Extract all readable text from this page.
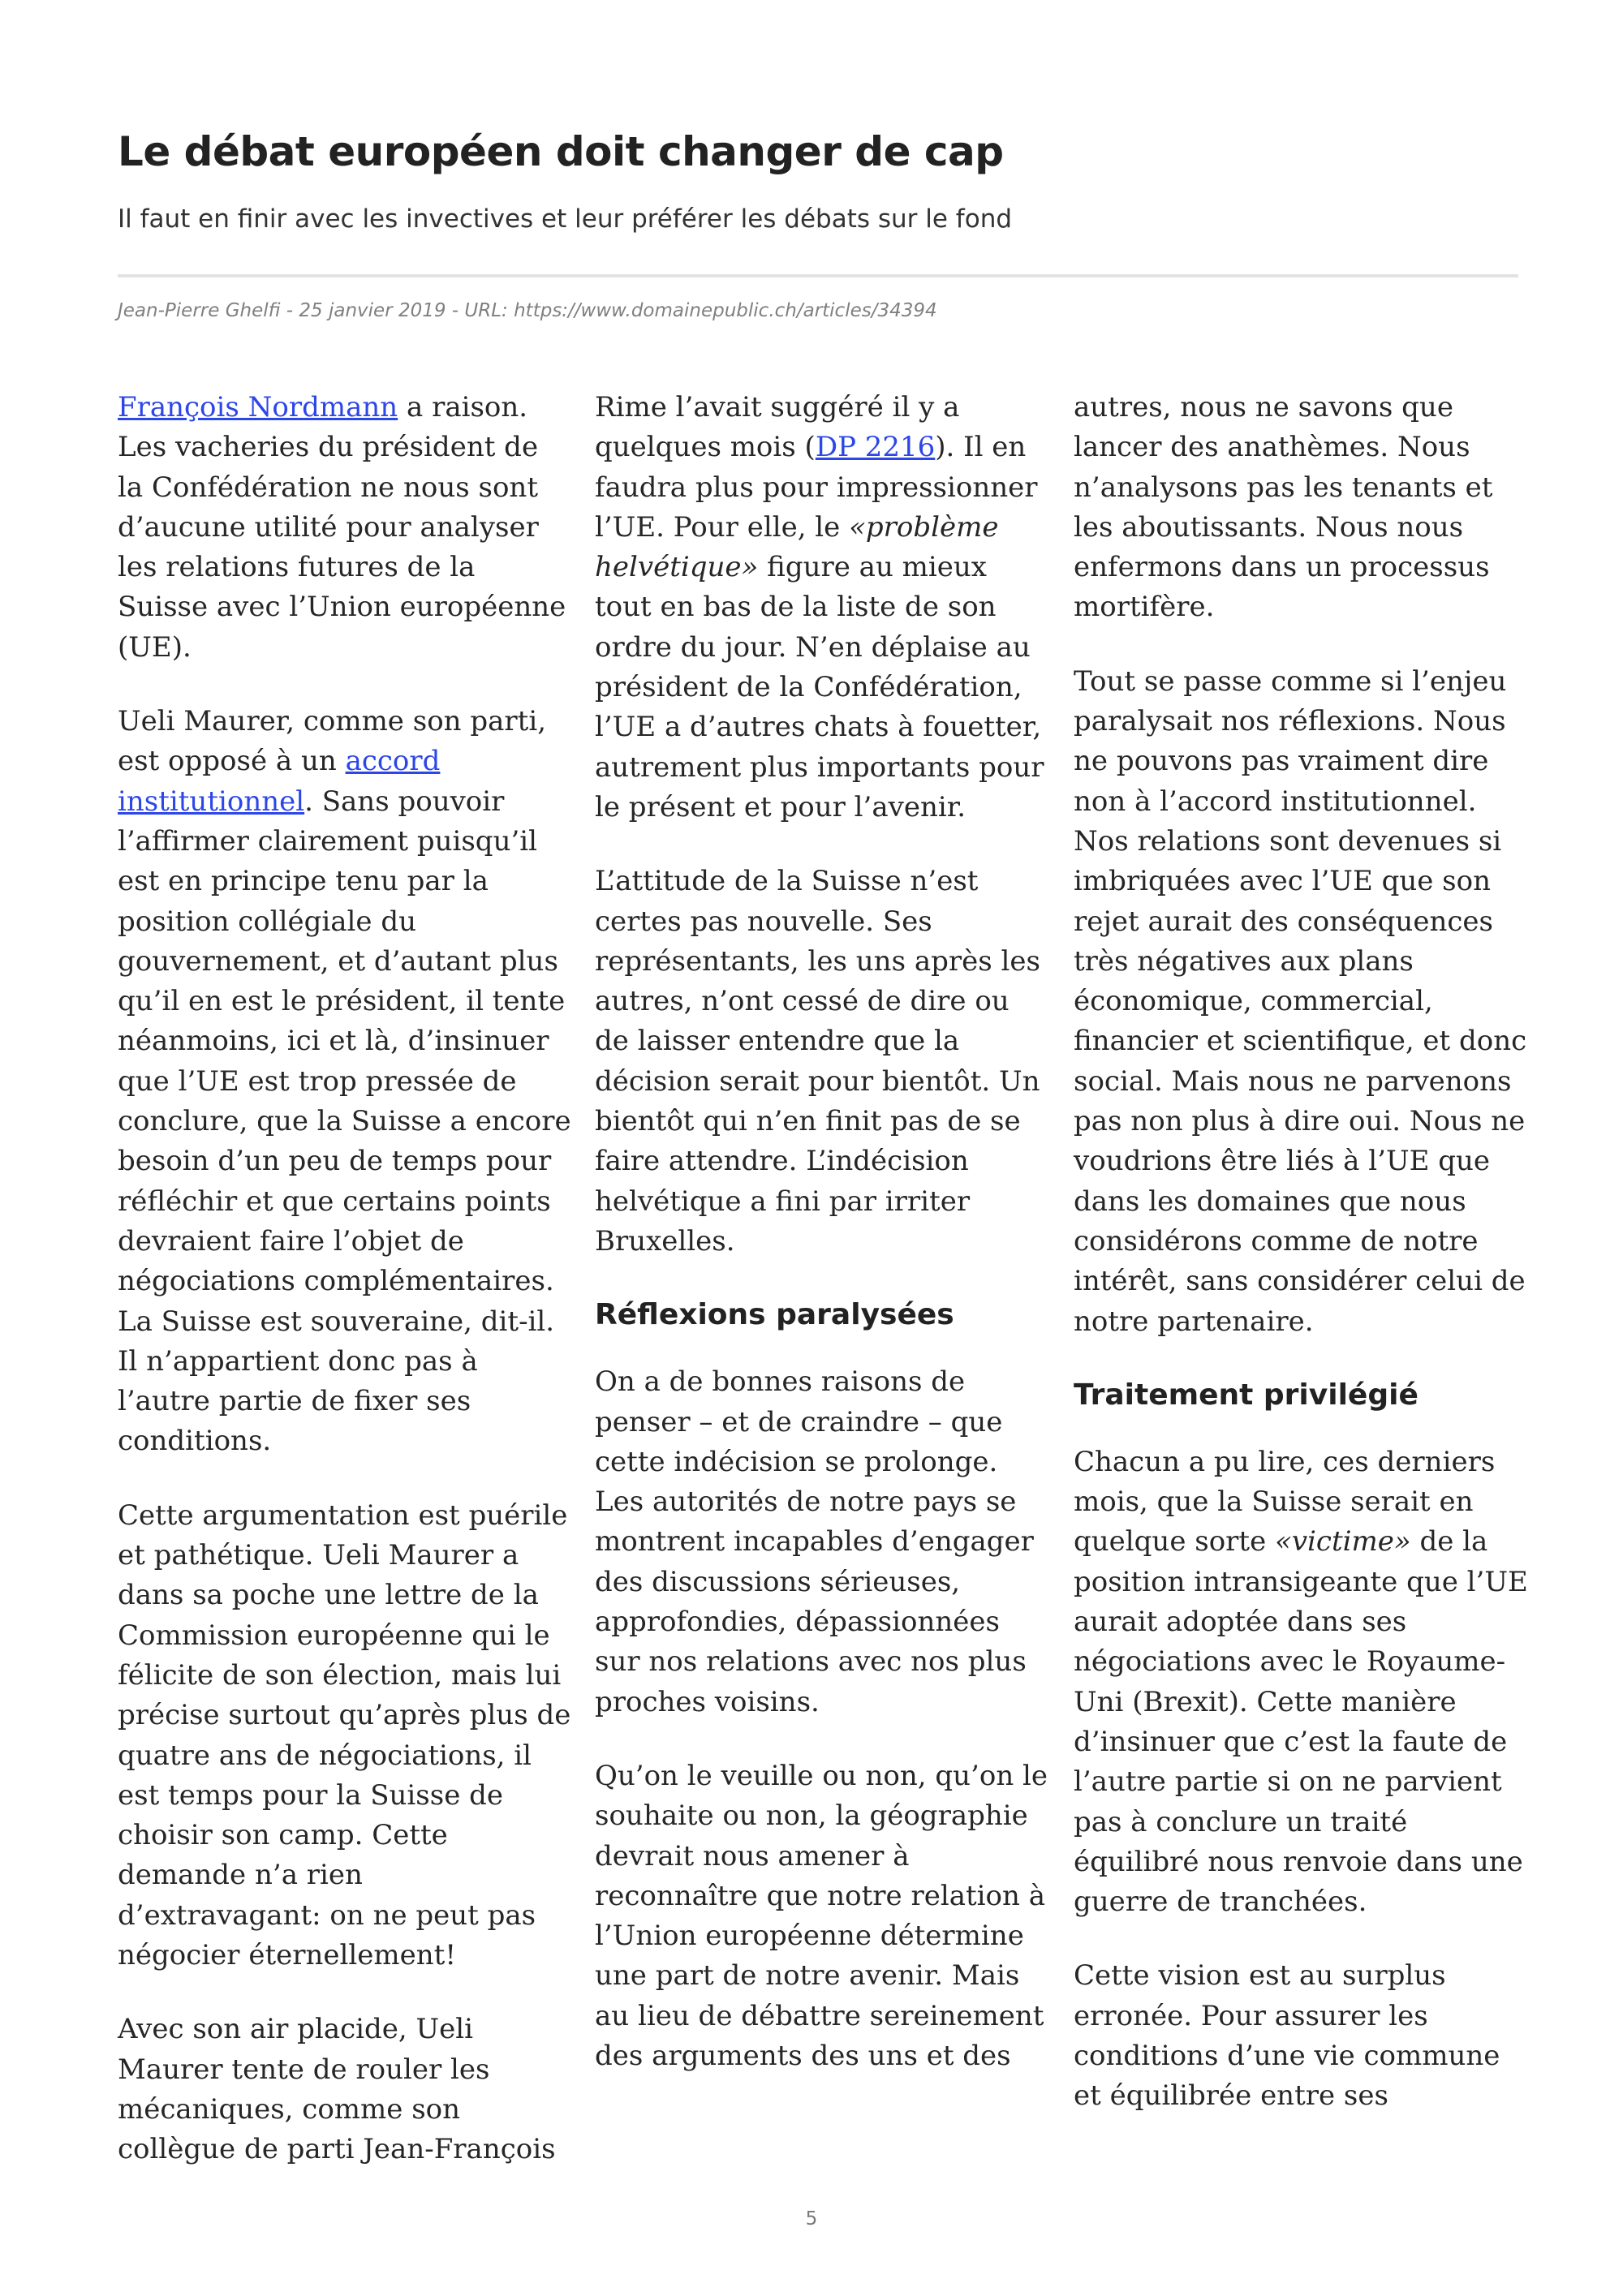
Le débat européen doit changer de cap

Il faut en finir avec les invectives et leur préférer les débats sur le fond

Jean-Pierre Ghelfi - 25 janvier 2019 - URL: https://www.domainepublic.ch/articles/34394

François Nordmann a raison. Les vacheries du président de la Confédération ne nous sont d’aucune utilité pour analyser les relations futures de la Suisse avec l’Union européenne (UE).

Ueli Maurer, comme son parti, est opposé à un accord institutionnel. Sans pouvoir l’affirmer clairement puisqu’il est en principe tenu par la position collégiale du gouvernement, et d’autant plus qu’il en est le président, il tente néanmoins, ici et là, d’insinuer que l’UE est trop pressée de conclure, que la Suisse a encore besoin d’un peu de temps pour réfléchir et que certains points devraient faire l’objet de négociations complémentaires. La Suisse est souveraine, dit-il. Il n’appartient donc pas à l’autre partie de fixer ses conditions.

Cette argumentation est puérile et pathétique. Ueli Maurer a dans sa poche une lettre de la Commission européenne qui le félicite de son élection, mais lui précise surtout qu’après plus de quatre ans de négociations, il est temps pour la Suisse de choisir son camp. Cette demande n’a rien d’extravagant: on ne peut pas négocier éternellement!

Avec son air placide, Ueli Maurer tente de rouler les mécaniques, comme son collègue de parti Jean-François

Rime l’avait suggéré il y a quelques mois (DP 2216). Il en faudra plus pour impressionner l’UE. Pour elle, le «problème helvétique» figure au mieux tout en bas de la liste de son ordre du jour. N’en déplaise au président de la Confédération, l’UE a d’autres chats à fouetter, autrement plus importants pour le présent et pour l’avenir.

L’attitude de la Suisse n’est certes pas nouvelle. Ses représentants, les uns après les autres, n’ont cessé de dire ou de laisser entendre que la décision serait pour bientôt. Un bientôt qui n’en finit pas de se faire attendre. L’indécision helvétique a fini par irriter Bruxelles.

Réflexions paralysées

On a de bonnes raisons de penser – et de craindre – que cette indécision se prolonge. Les autorités de notre pays se montrent incapables d’engager des discussions sérieuses, approfondies, dépassionnées sur nos relations avec nos plus proches voisins.

Qu’on le veuille ou non, qu’on le souhaite ou non, la géographie devrait nous amener à reconnaître que notre relation à l’Union européenne détermine une part de notre avenir. Mais au lieu de débattre sereinement des arguments des uns et des

autres, nous ne savons que lancer des anathèmes. Nous n’analysons pas les tenants et les aboutissants. Nous nous enfermons dans un processus mortifère.

Tout se passe comme si l’enjeu paralysait nos réflexions. Nous ne pouvons pas vraiment dire non à l’accord institutionnel. Nos relations sont devenues si imbriquées avec l’UE que son rejet aurait des conséquences très négatives aux plans économique, commercial, financier et scientifique, et donc social. Mais nous ne parvenons pas non plus à dire oui. Nous ne voudrions être liés à l’UE que dans les domaines que nous considérons comme de notre intérêt, sans considérer celui de notre partenaire.

Traitement privilégié

Chacun a pu lire, ces derniers mois, que la Suisse serait en quelque sorte «victime» de la position intransigeante que l’UE aurait adoptée dans ses négociations avec le Royaume-Uni (Brexit). Cette manière d’insinuer que c’est la faute de l’autre partie si on ne parvient pas à conclure un traité équilibré nous renvoie dans une guerre de tranchées.

Cette vision est au surplus erronée. Pour assurer les conditions d’une vie commune et équilibrée entre ses

5
